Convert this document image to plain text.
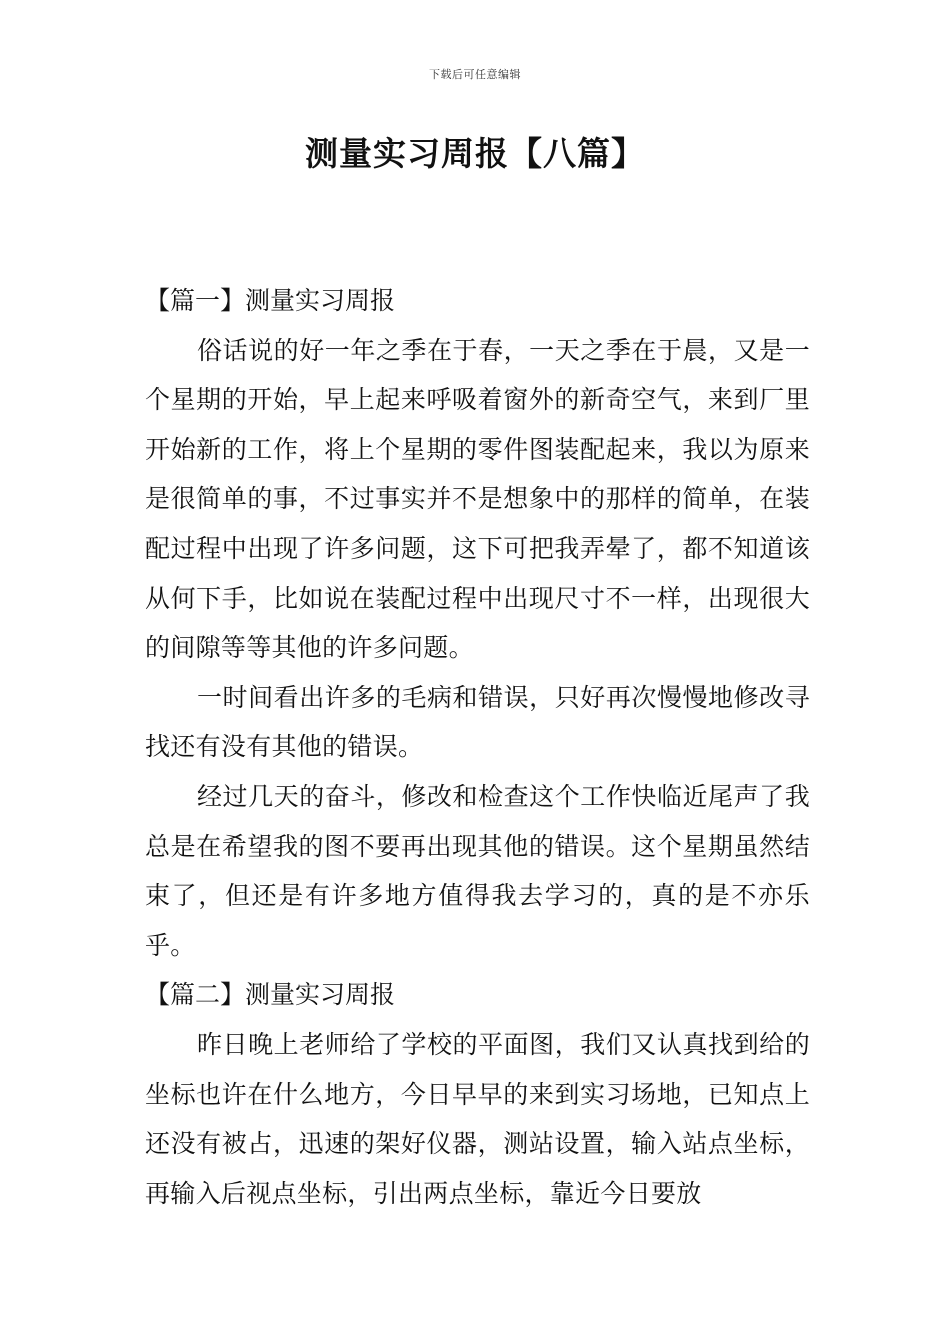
下载后可任意编辑
测量实习周报【八篇】
【篇一】测量实习周报

俗话说的好一年之季在于春，一天之季在于晨，又是一个星期的开始，早上起来呼吸着窗外的新奇空气，来到厂里开始新的工作，将上个星期的零件图装配起来，我以为原来是很简单的事，不过事实并不是想象中的那样的简单，在装配过程中出现了许多问题，这下可把我弄晕了，都不知道该从何下手，比如说在装配过程中出现尺寸不一样，出现很大的间隙等等其他的许多问题。

一时间看出许多的毛病和错误，只好再次慢慢地修改寻找还有没有其他的错误。

经过几天的奋斗，修改和检查这个工作快临近尾声了我总是在希望我的图不要再出现其他的错误。这个星期虽然结束了，但还是有许多地方值得我去学习的，真的是不亦乐乎。

【篇二】测量实习周报

昨日晚上老师给了学校的平面图，我们又认真找到给的坐标也许在什么地方，今日早早的来到实习场地，已知点上还没有被占，迅速的架好仪器，测站设置，输入站点坐标，再输入后视点坐标，引出两点坐标，靠近今日要放
